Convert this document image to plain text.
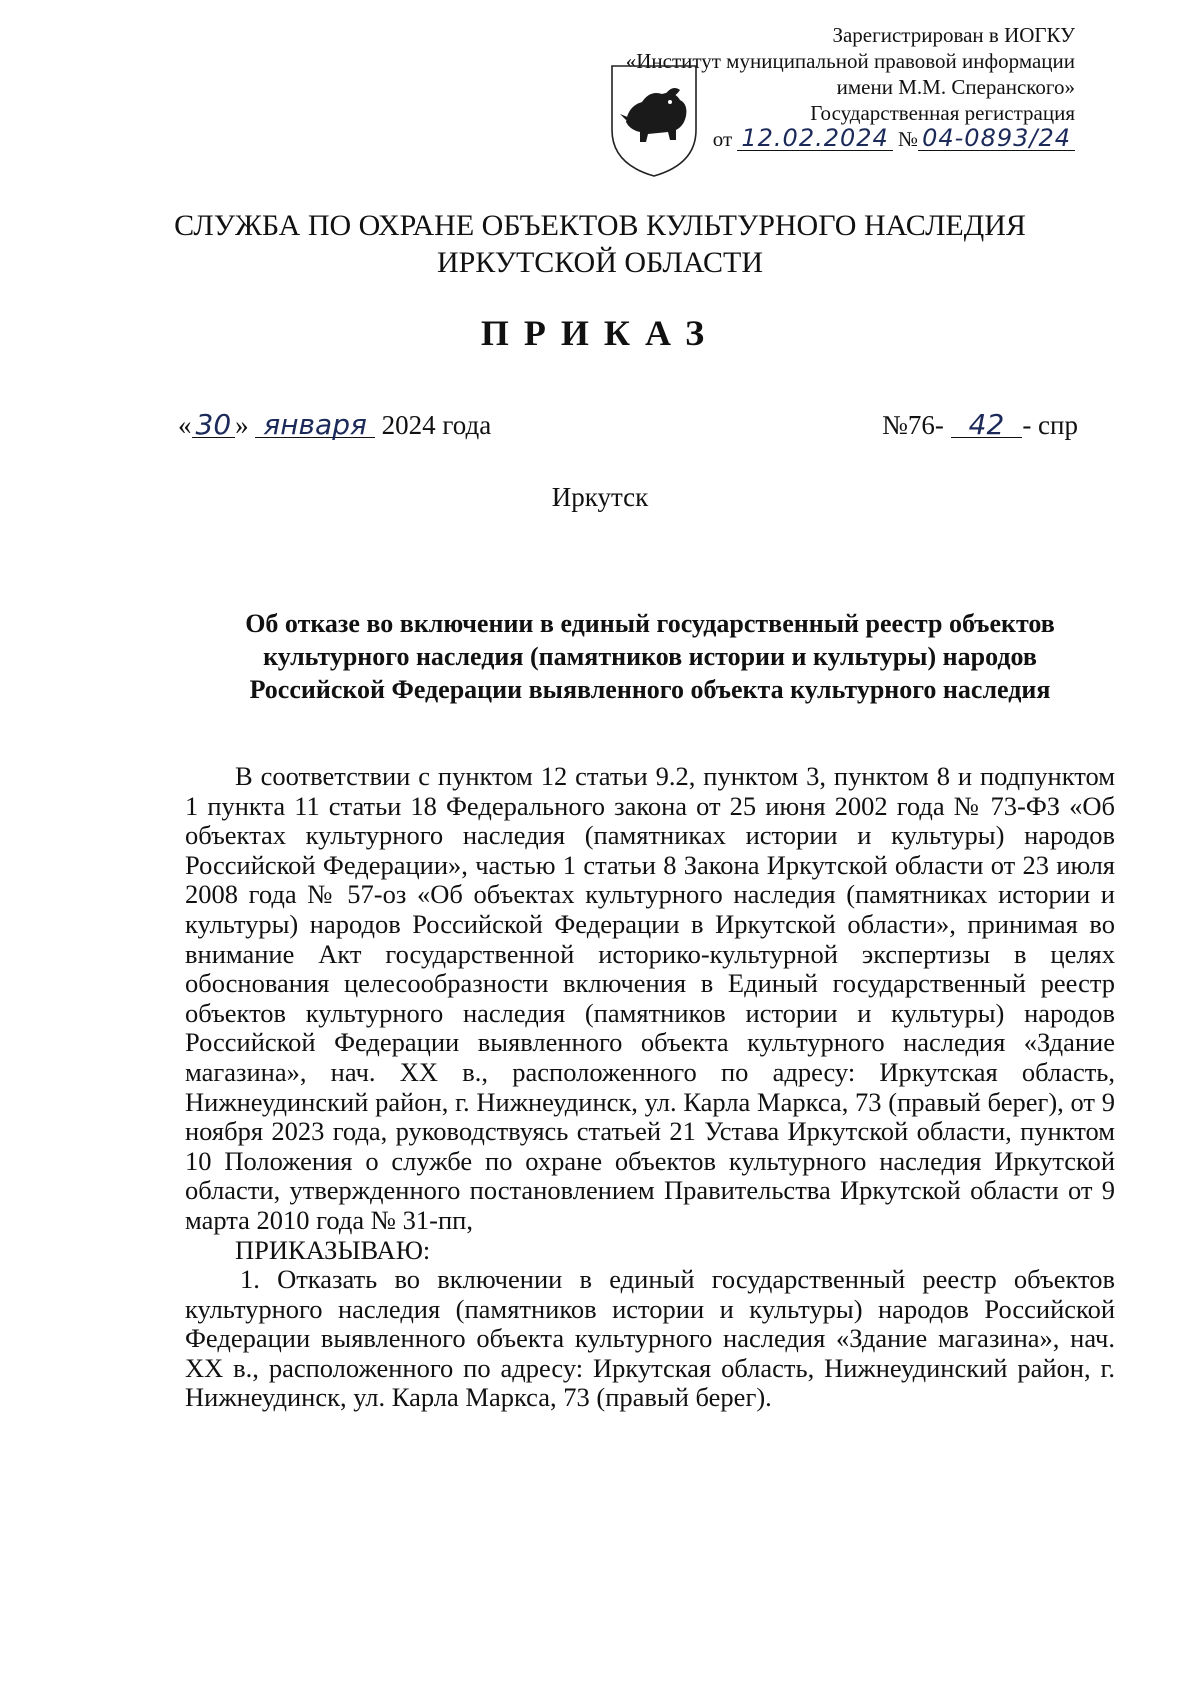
Зарегистрирован в ИОГКУ
«Институт муниципальной правовой информации
имени М.М. Сперанского»
Государственная регистрация
от 12.02.2024 № 04-0893/24
СЛУЖБА ПО ОХРАНЕ ОБЪЕКТОВ КУЛЬТУРНОГО НАСЛЕДИЯ
ИРКУТСКОЙ ОБЛАСТИ
ПРИКАЗ
« 30 » января 2024 года	№76- 42 - спр
Иркутск
Об отказе во включении в единый государственный реестр объектов
культурного наследия (памятников истории и культуры) народов
Российской Федерации выявленного объекта культурного наследия

В соответствии с пунктом 12 статьи 9.2, пунктом 3, пунктом 8 и подпунктом 1 пункта 11 статьи 18 Федерального закона от 25 июня 2002 года № 73-ФЗ «Об объектах культурного наследия (памятниках истории и культуры) народов Российской Федерации», частью 1 статьи 8 Закона Иркутской области от 23 июля 2008 года № 57-оз «Об объектах культурного наследия (памятниках истории и культуры) народов Российской Федерации в Иркутской области», принимая во внимание Акт государственной историко-культурной экспертизы в целях обоснования целесообразности включения в Единый государственный реестр объектов культурного наследия (памятников истории и культуры) народов Российской Федерации выявленного объекта культурного наследия «Здание магазина», нач. XX в., расположенного по адресу: Иркутская область, Нижнеудинский район, г. Нижнеудинск, ул. Карла Маркса, 73 (правый берег), от 9 ноября 2023 года, руководствуясь статьей 21 Устава Иркутской области, пунктом 10 Положения о службе по охране объектов культурного наследия Иркутской области, утвержденного постановлением Правительства Иркутской области от 9 марта 2010 года № 31-пп,

ПРИКАЗЫВАЮ:

1. Отказать во включении в единый государственный реестр объектов культурного наследия (памятников истории и культуры) народов Российской Федерации выявленного объекта культурного наследия «Здание магазина», нач. XX в., расположенного по адресу: Иркутская область, Нижнеудинский район, г. Нижнеудинск, ул. Карла Маркса, 73 (правый берег).
